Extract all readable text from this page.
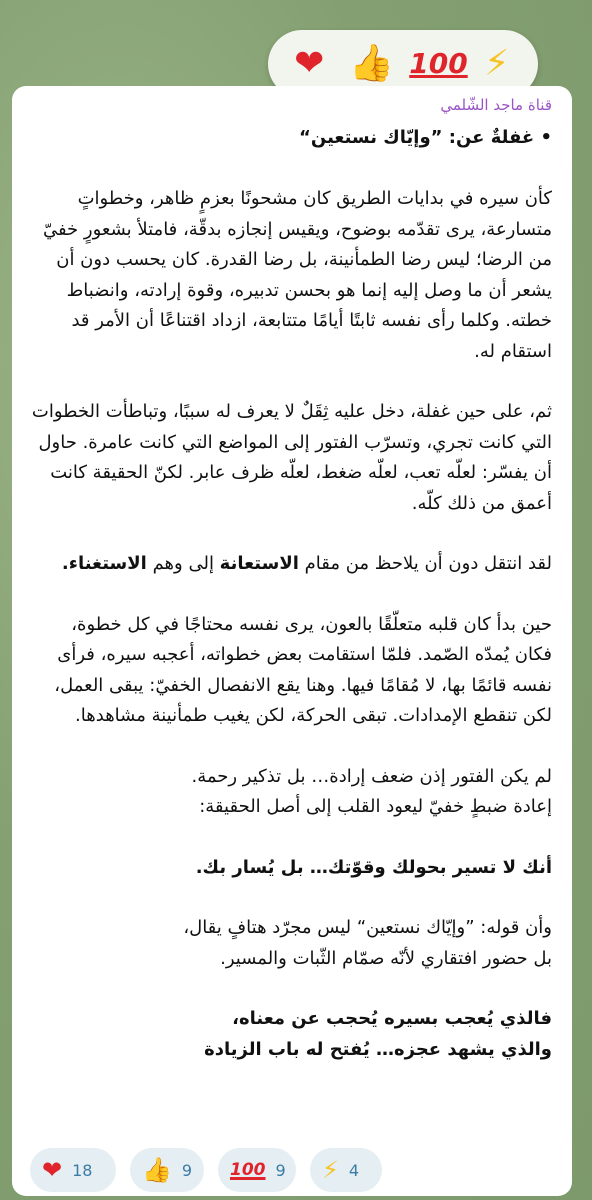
❤ 👍 100 ⚡
قناة ماجد الشّلمي

• غفلةٌ عن: ”وإيّاك نستعين“

كأن سيره في بدايات الطريق كان مشحونًا بعزمٍ ظاهر، وخطواتٍ متسارعة، يرى تقدّمه بوضوح، ويقيس إنجازه بدقّة، فامتلأ بشعورٍ خفيّ من الرضا؛ ليس رضا الطمأنينة، بل رضا القدرة. كان يحسب دون أن يشعر أن ما وصل إليه إنما هو بحسن تدبيره، وقوة إرادته، وانضباط خطته. وكلما رأى نفسه ثابتًا أيامًا متتابعة، ازداد اقتناعًا أن الأمر قد استقام له.

ثم، على حين غفلة، دخل عليه ثِقَلٌ لا يعرف له سببًا، وتباطأت الخطوات التي كانت تجري، وتسرّب الفتور إلى المواضع التي كانت عامرة. حاول أن يفسّر: لعلّه تعب، لعلّه ضغط، لعلّه ظرف عابر. لكنّ الحقيقة كانت أعمق من ذلك كلّه.

لقد انتقل دون أن يلاحظ من مقام الاستعانة إلى وهم الاستغناء.

حين بدأ كان قلبه متعلّقًا بالعون، يرى نفسه محتاجًا في كل خطوة، فكان يُمدّه الصّمد. فلمّا استقامت بعض خطواته، أعجبه سيره، فرأى نفسه قائمًا بها، لا مُقامًا فيها. وهنا يقع الانفصال الخفيّ: يبقى العمل، لكن تنقطع الإمدادات. تبقى الحركة، لكن يغيب طمأنينة مشاهدها.

لم يكن الفتور إذن ضعف إرادة… بل تذكير رحمة.

إعادة ضبطٍ خفيّ ليعود القلب إلى أصل الحقيقة:

أنك لا تسير بحولك وقوّتك… بل يُسار بك.

وأن قوله: ”وإيّاك نستعين“ ليس مجرّد هتافٍ يقال،

بل حضور افتقاري لأنّه صمّام الثّبات والمسير.

فالذي يُعجب بسيره يُحجب عن معناه،

والذي يشهد عجزه… يُفتح له باب الزيادة

❤ 18 👍 9 100 9 ⚡ 4
